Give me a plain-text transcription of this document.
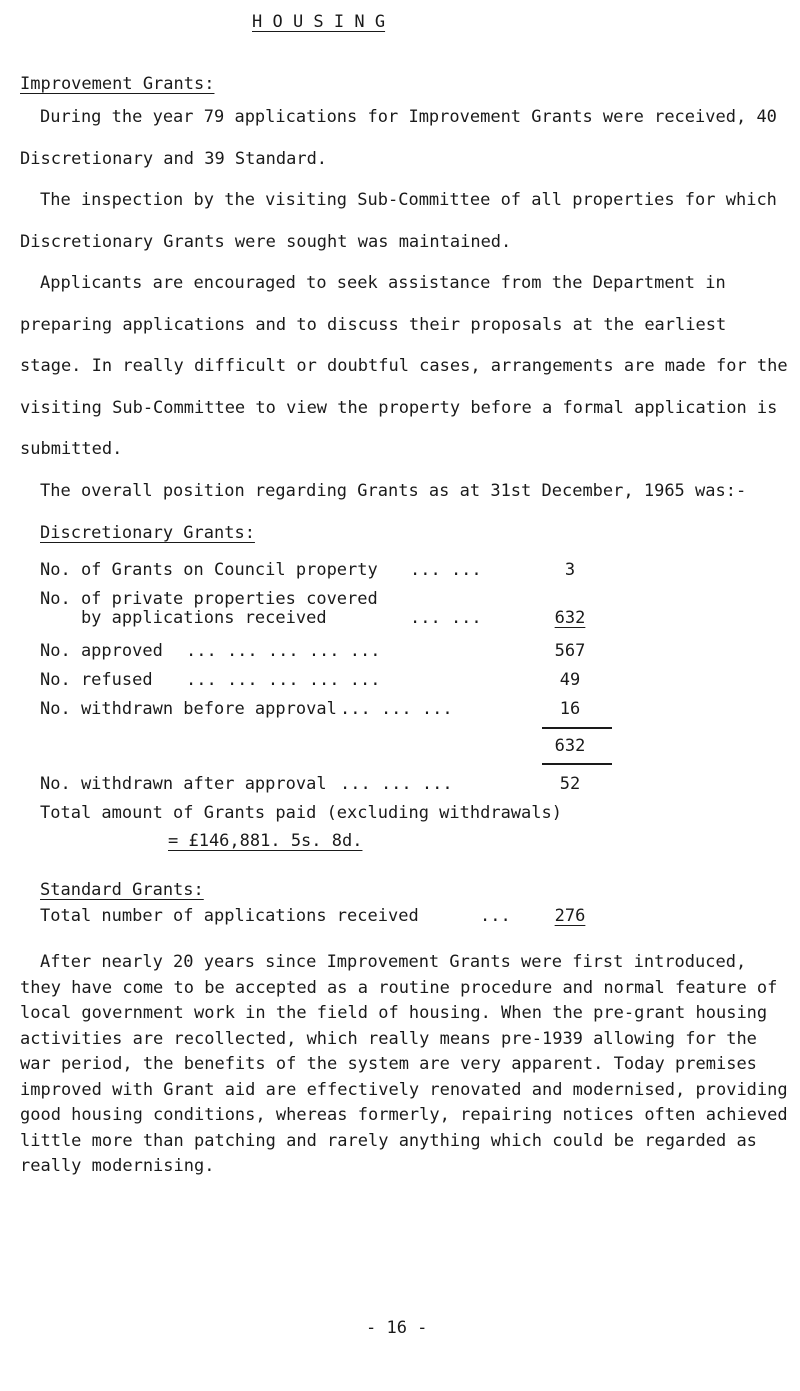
H O U S I N G
Improvement Grants:
During the year 79 applications for Improvement Grants were received, 40 Discretionary and 39 Standard.
The inspection by the visiting Sub-Committee of all properties for which Discretionary Grants were sought was maintained.
Applicants are encouraged to seek assistance from the Department in preparing applications and to discuss their proposals at the earliest stage. In really difficult or doubtful cases, arrangements are made for the visiting Sub-Committee to view the property before a formal application is submitted.
The overall position regarding Grants as at 31st December, 1965 was:-
Discretionary Grants:
No. of Grants on Council property ... ...	3
No. of private properties covered
by applications received	... ...	632
No. approved ... ... ... ... ...	567
No. refused ... ... ... ... ...	49
No. withdrawn before approval ... ... ...	16
632
No. withdrawn after approval ... ... ...	52
Total amount of Grants paid (excluding withdrawals)
= £146,881. 5s. 8d.
Standard Grants:
Total number of applications received	...	276
After nearly 20 years since Improvement Grants were first introduced, they have come to be accepted as a routine procedure and normal feature of local government work in the field of housing. When the pre-grant housing activities are recollected, which really means pre-1939 allowing for the war period, the benefits of the system are very apparent. Today premises improved with Grant aid are effectively renovated and modernised, providing good housing conditions, whereas formerly, repairing notices often achieved little more than patching and rarely anything which could be regarded as really modernising.
- 16 -
